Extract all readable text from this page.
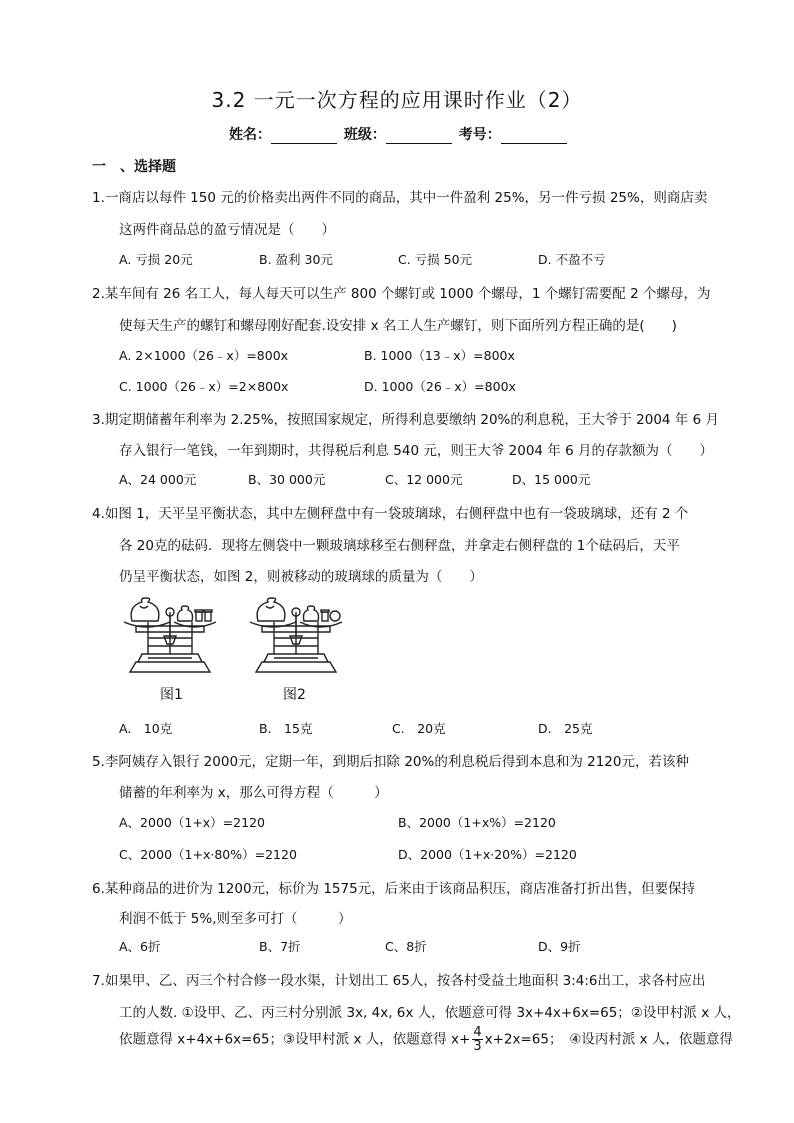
3.2 一元一次方程的应用课时作业（2）
姓名：	班级：	考号：
一　、选择题
1.一商店以每件 150 元的价格卖出两件不同的商品，其中一件盈利 25%，另一件亏损 25%，则商店卖
这两件商品总的盈亏情况是（　　）
A. 亏损 20元	B. 盈利 30元	C. 亏损 50元	D. 不盈不亏
2.某车间有 26 名工人，每人每天可以生产 800 个螺钉或 1000 个螺母，1 个螺钉需要配 2 个螺母，为
使每天生产的螺钉和螺母刚好配套.设安排 x 名工人生产螺钉，则下面所列方程正确的是(　　)
A. 2×1000（26﹣x）=800x	B. 1000（13﹣x）=800x
C. 1000（26﹣x）=2×800x	D. 1000（26﹣x）=800x
3.期定期储蓄年利率为 2.25%，按照国家规定，所得利息要缴纳 20%的利息税，王大爷于 2004 年 6 月
存入银行一笔钱，一年到期时，共得税后利息 540 元，则王大爷 2004 年 6 月的存款额为（　　）
A、24 000元	B、30 000元	C、12 000元	D、15 000元
4.如图 1，天平呈平衡状态，其中左侧秤盘中有一袋玻璃球，右侧秤盘中也有一袋玻璃球，还有 2 个
各 20克的砝码．现将左侧袋中一颗玻璃球移至右侧秤盘，并拿走右侧秤盘的 1个砝码后，天平
仍呈平衡状态，如图 2，则被移动的玻璃球的质量为（　　）
图1	图2
A.　10克	B.　15克	C.　20克	D.　25克
5.李阿姨存入银行 2000元，定期一年，到期后扣除 20%的利息税后得到本息和为 2120元，若该种
储蓄的年利率为 x，那么可得方程（　　　）
A、2000（1+x）=2120	B、2000（1+x%）=2120
C、2000（1+x·80%）=2120	D、2000（1+x·20%）=2120
6.某种商品的进价为 1200元，标价为 1575元，后来由于该商品积压，商店准备打折出售，但要保持
利润不低于 5%,则至多可打（　　　）
A、6折	B、7折	C、8折	D、9折
7.如果甲、乙、丙三个村合修一段水渠，计划出工 65人，按各村受益土地面积 3:4:6出工，求各村应出
工的人数. ①设甲、乙、丙三村分别派 3x, 4x, 6x 人，依题意可得 3x+4x+6x=65；②设甲村派 x 人，
依题意得 x+4x+6x=65；③设甲村派 x 人，依题意得 $x+ \frac{4}{3} x+2x=65$；　④设丙村派 x 人，依题意得
